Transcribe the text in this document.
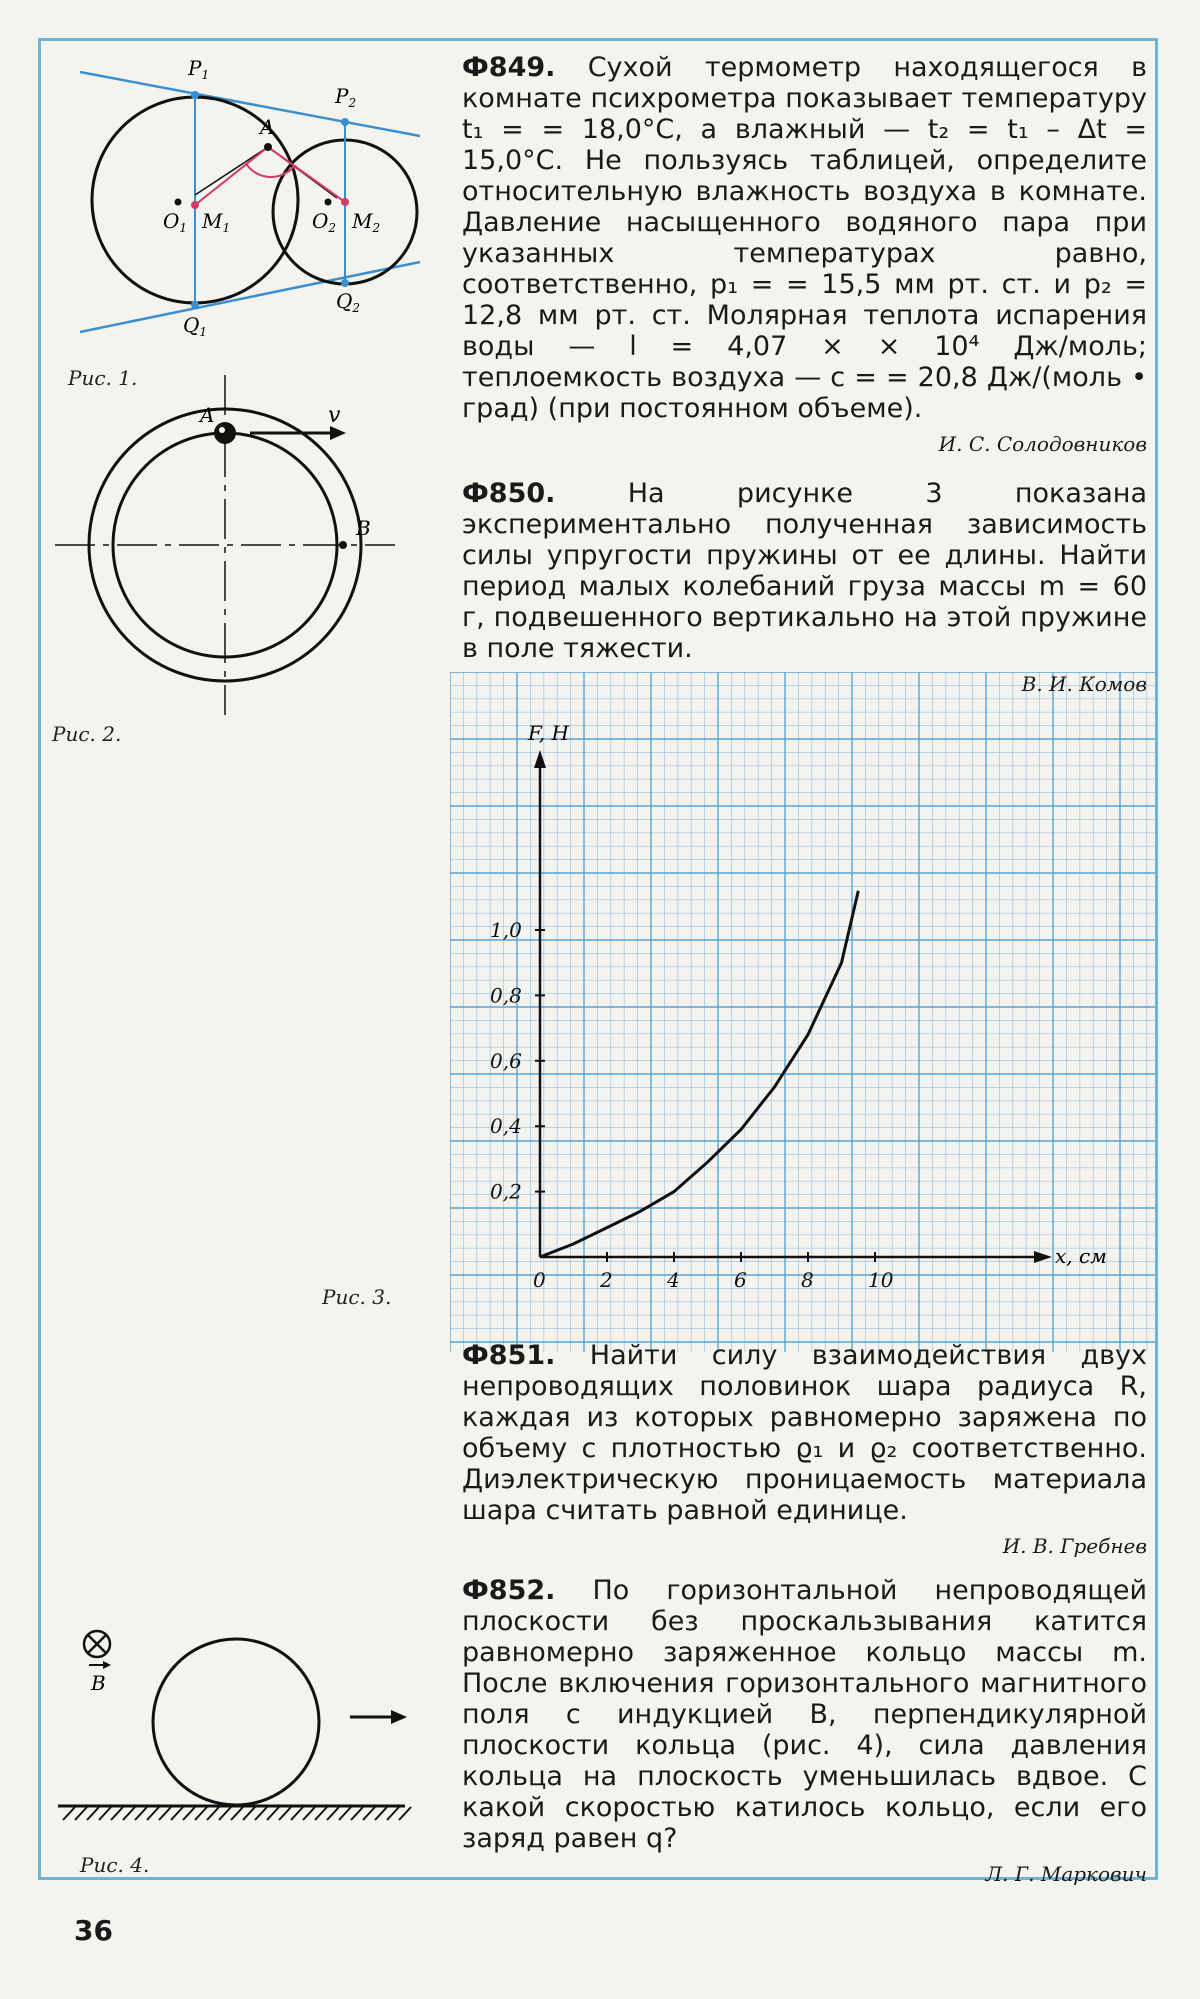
$P_1$
$P_2$
A
$O_1$ $M_1$	$O_2$ $M_2$
$Q_1$
$Q_2$
Рис. 1.
A	v
B
Рис. 2.
0	2	4	6	8	10
0,2
0,4
0,6
0,8
1,0
x, см
F, Н
Рис. 3.
B
Рис. 4.

Ф849. Сухой термометр находящегося в комнате психрометра показывает температуру t₁ = = 18,0°С, а влажный — t₂ = t₁ – Δt = 15,0°С. Не пользуясь таблицей, определите относительную влажность воздуха в комнате. Давление насыщенного водяного пара при указанных температурах равно, соответственно, p₁ = = 15,5 мм рт. ст. и p₂ = 12,8 мм рт. ст. Молярная теплота испарения воды — l = 4,07 × × 10⁴ Дж/моль; теплоемкость воздуха — c = = 20,8 Дж/(моль • град) (при постоянном объеме).

И. С. Солодовников

Ф850.	На рисунке 3 показана экспериментально полученная зависимость силы упругости пружины от ее длины. Найти период малых колебаний груза массы m = 60 г, подвешенного вертикально на этой пружине в поле тяжести.

В. И. Комов

Ф851. Найти силу взаимодействия двух непроводящих половинок шара радиуса R, каждая из которых равномерно заряжена по объему с плотностью ϱ₁ и ϱ₂ соответственно. Диэлектрическую проницаемость материала шара считать равной единице.

И. В. Гребнев

Ф852. По горизонтальной непроводящей плоскости без проскальзывания катится равномерно заряженное кольцо массы m. После включения горизонтального магнитного поля с индукцией B, перпендикулярной плоскости кольца (рис. 4), сила давления кольца на плоскость уменьшилась вдвое. С какой скоростью катилось кольцо, если его заряд равен q?

Л. Г. Маркович
36
